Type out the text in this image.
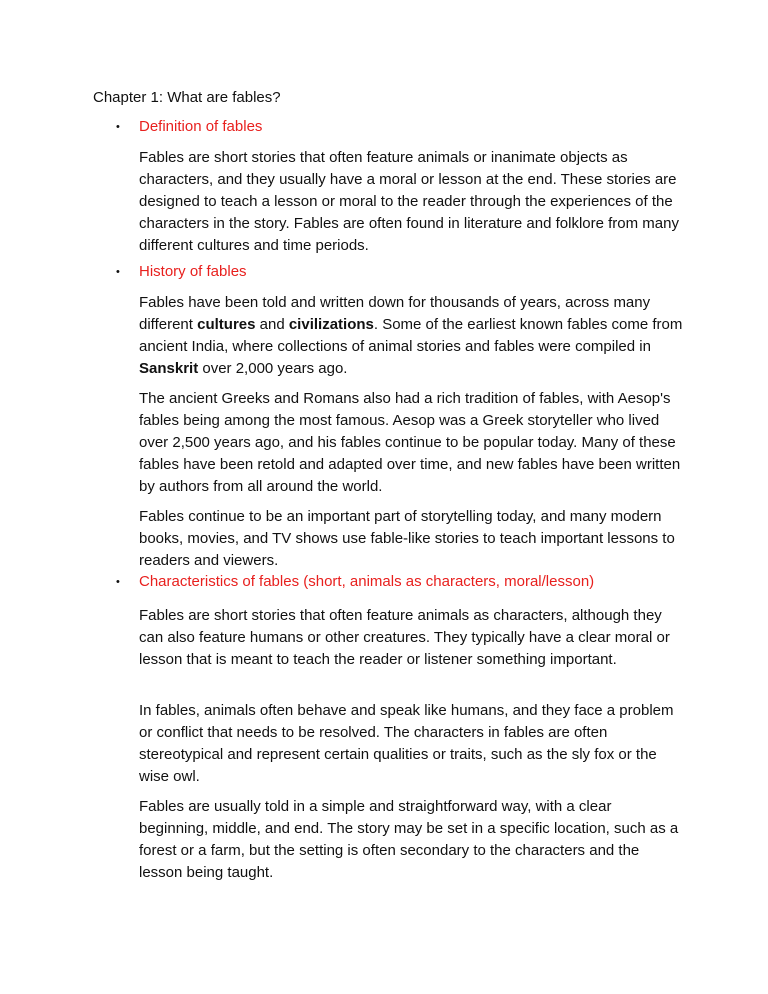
Chapter 1: What are fables?
• Definition of fables

Fables are short stories that often feature animals or inanimate objects as characters, and they usually have a moral or lesson at the end. These stories are designed to teach a lesson or moral to the reader through the experiences of the characters in the story. Fables are often found in literature and folklore from many different cultures and time periods.

• History of fables

Fables have been told and written down for thousands of years, across many different cultures and civilizations. Some of the earliest known fables come from ancient India, where collections of animal stories and fables were compiled in Sanskrit over 2,000 years ago.

The ancient Greeks and Romans also had a rich tradition of fables, with Aesop's fables being among the most famous. Aesop was a Greek storyteller who lived over 2,500 years ago, and his fables continue to be popular today. Many of these fables have been retold and adapted over time, and new fables have been written by authors from all around the world.

Fables continue to be an important part of storytelling today, and many modern books, movies, and TV shows use fable-like stories to teach important lessons to readers and viewers.

• Characteristics of fables (short, animals as characters, moral/lesson)

Fables are short stories that often feature animals as characters, although they can also feature humans or other creatures. They typically have a clear moral or lesson that is meant to teach the reader or listener something important.

In fables, animals often behave and speak like humans, and they face a problem or conflict that needs to be resolved. The characters in fables are often stereotypical and represent certain qualities or traits, such as the sly fox or the wise owl.

Fables are usually told in a simple and straightforward way, with a clear beginning, middle, and end. The story may be set in a specific location, such as a forest or a farm, but the setting is often secondary to the characters and the lesson being taught.
